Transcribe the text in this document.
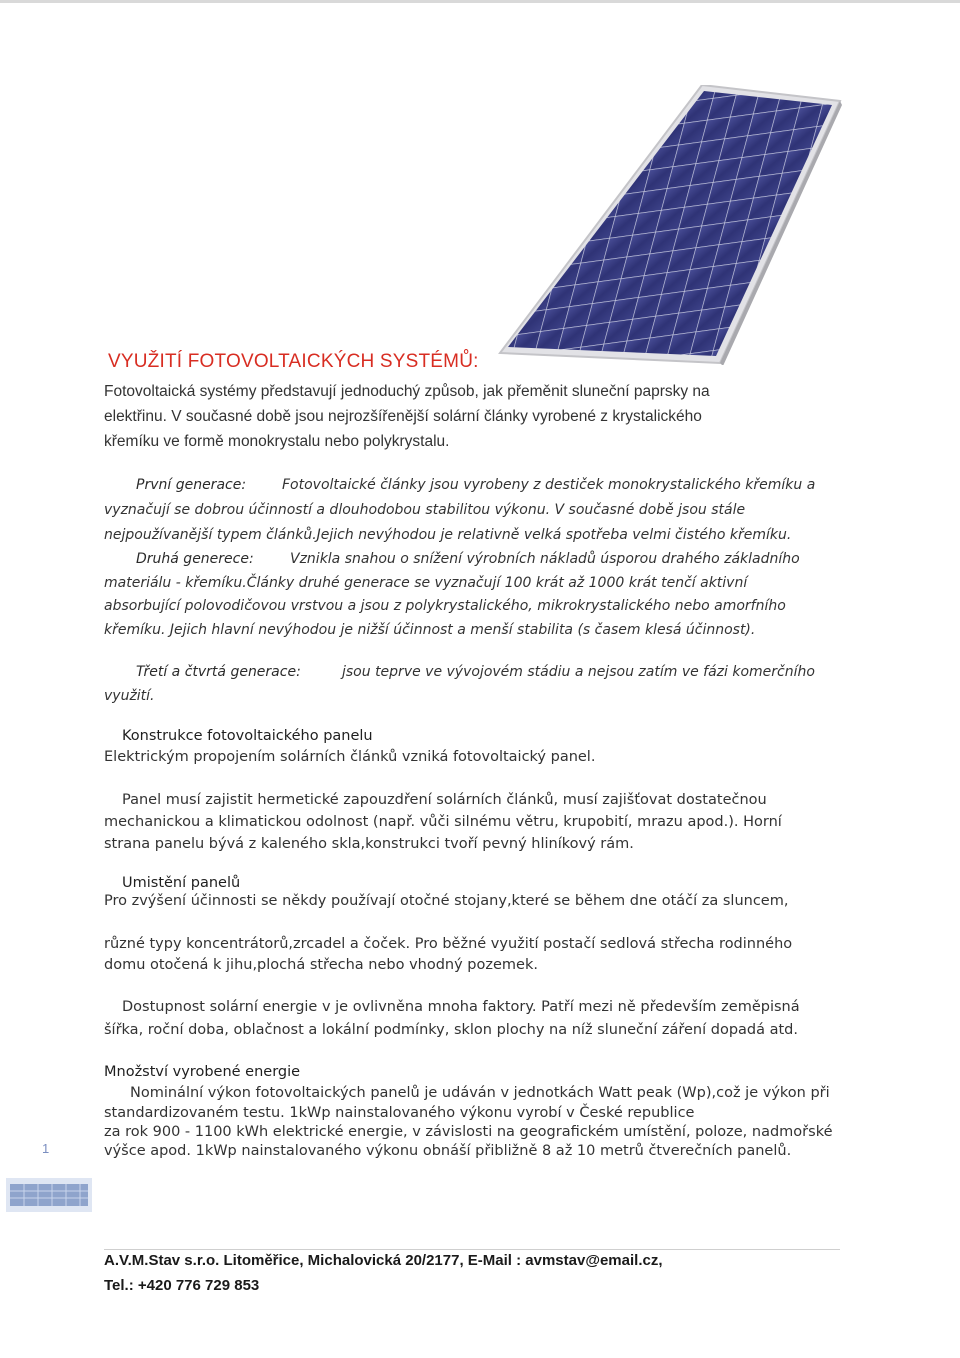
VYUŽITÍ FOTOVOLTAICKÝCH SYSTÉMŮ:
Fotovoltaická systémy představují jednoduchý způsob, jak přeměnit sluneční paprsky na
elektřinu. V současné době jsou nejrozšířenější solární články vyrobené z krystalického
křemíku ve formě monokrystalu nebo polykrystalu.
První generace:	Fotovoltaické články jsou vyrobeny z destiček monokrystalického křemíku a
vyznačují se dobrou účinností a dlouhodobou stabilitou výkonu. V současné době jsou stále
nejpoužívanější typem článků.Jejich nevýhodou je relativně velká spotřeba velmi čistého křemíku.
Druhá generece:	Vznikla snahou o snížení výrobních nákladů úsporou drahého základního
materiálu - křemíku.Články druhé generace se vyznačují 100 krát až 1000 krát tenčí aktivní
absorbující polovodičovou vrstvou a jsou z polykrystalického, mikrokrystalického nebo amorfního
křemíku. Jejich hlavní nevýhodou je nižší účinnost a menší stabilita (s časem klesá účinnost).
Třetí a čtvrtá generace:	jsou teprve ve vývojovém stádiu a nejsou zatím ve fázi komerčního
využití.
Konstrukce fotovoltaického panelu
Elektrickým propojením solárních článků vzniká fotovoltaický panel.
Panel musí zajistit hermetické zapouzdření solárních článků, musí zajišťovat dostatečnou
mechanickou a klimatickou odolnost (např. vůči silnému větru, krupobití, mrazu apod.). Horní
strana panelu bývá z kaleného skla,konstrukci tvoří pevný hliníkový rám.
Umistění panelů
Pro zvýšení účinnosti se někdy používají otočné stojany,které se během dne otáčí za sluncem,
různé typy koncentrátorů,zrcadel a čoček. Pro běžné využití postačí sedlová střecha rodinného
domu otočená k jihu,plochá střecha nebo vhodný pozemek.
Dostupnost solární energie v je ovlivněna mnoha faktory. Patří mezi ně především zeměpisná
šířka, roční doba, oblačnost a lokální podmínky, sklon plochy na níž sluneční záření dopadá atd.
Množství vyrobené energie
Nominální výkon fotovoltaických panelů je udáván v jednotkách Watt peak (Wp),což je výkon při
standardizovaném testu. 1kWp nainstalovaného výkonu vyrobí v České republice
za rok 900 - 1100 kWh elektrické energie, v závislosti na geografickém umístění, poloze, nadmořské
výšce apod. 1kWp nainstalovaného výkonu obnáší přibližně 8 až 10 metrů čtverečních panelů.
1
A.V.M.Stav s.r.o. Litoměřice, Michalovická 20/2177, E-Mail : avmstav@email.cz,
Tel.: +420 776 729 853
